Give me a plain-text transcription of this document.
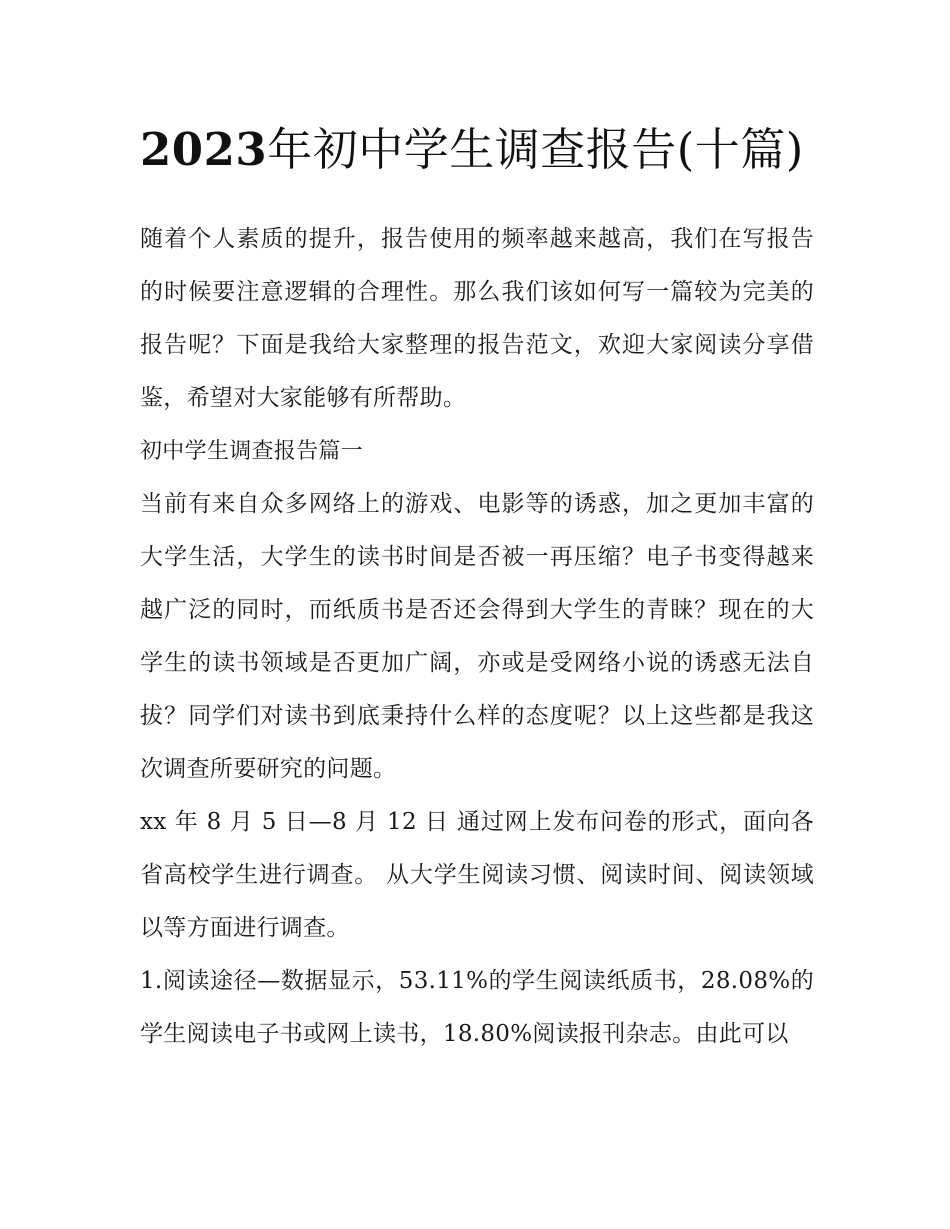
2023年初中学生调查报告(十篇)

随着个人素质的提升，报告使用的频率越来越高，我们在写报告的时候要注意逻辑的合理性。那么我们该如何写一篇较为完美的报告呢？下面是我给大家整理的报告范文，欢迎大家阅读分享借鉴，希望对大家能够有所帮助。

初中学生调查报告篇一

当前有来自众多网络上的游戏、电影等的诱惑，加之更加丰富的大学生活，大学生的读书时间是否被一再压缩？电子书变得越来越广泛的同时，而纸质书是否还会得到大学生的青睐？现在的大学生的读书领域是否更加广阔，亦或是受网络小说的诱惑无法自拔？同学们对读书到底秉持什么样的态度呢？以上这些都是我这次调查所要研究的问题。

xx 年 8 月 5 日—8 月 12 日 通过网上发布问卷的形式，面向各省高校学生进行调查。 从大学生阅读习惯、阅读时间、阅读领域以等方面进行调查。

1.阅读途径—数据显示，53.11%的学生阅读纸质书，28.08%的学生阅读电子书或网上读书，18.80%阅读报刊杂志。由此可以
